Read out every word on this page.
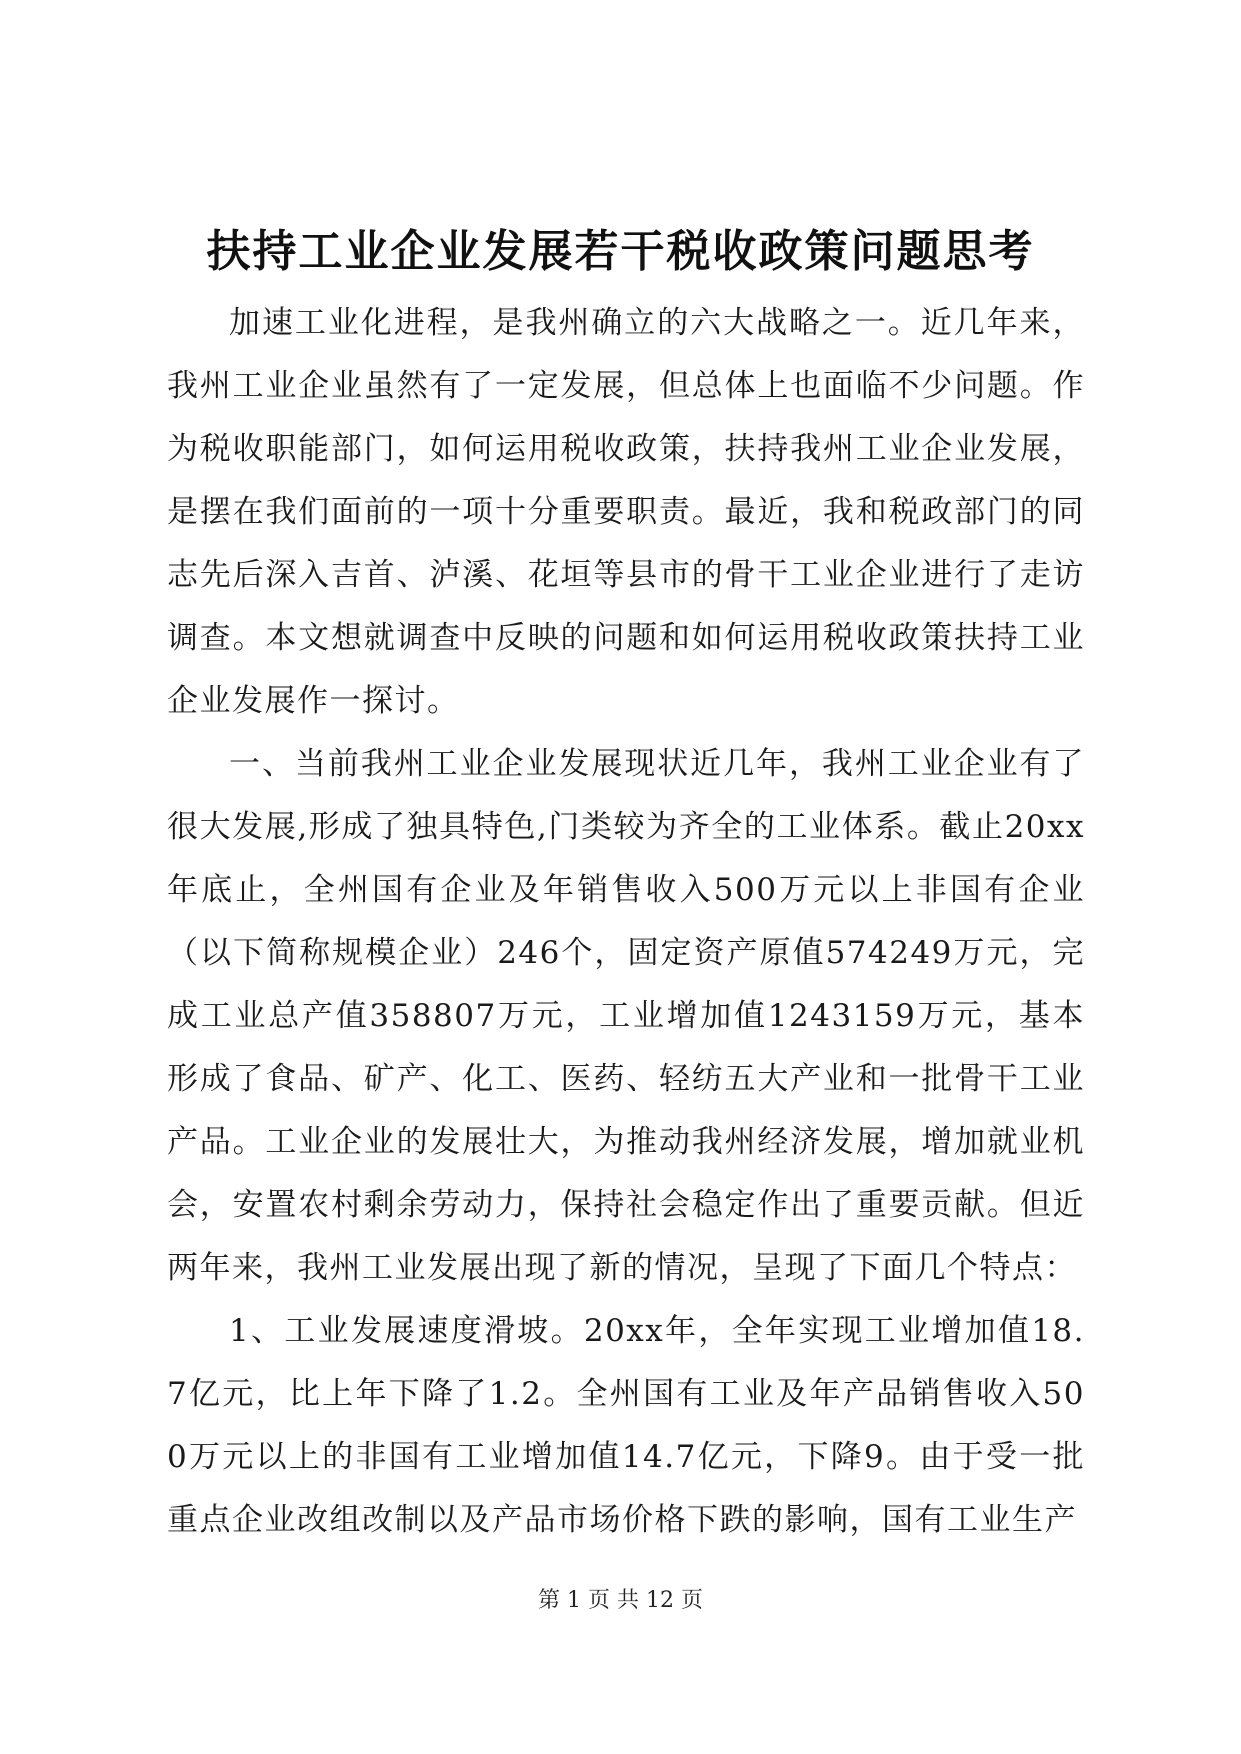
扶持工业企业发展若干税收政策问题思考

加速工业化进程，是我州确立的六大战略之一。近几年来，我州工业企业虽然有了一定发展，但总体上也面临不少问题。作为税收职能部门，如何运用税收政策，扶持我州工业企业发展，是摆在我们面前的一项十分重要职责。最近，我和税政部门的同志先后深入吉首、泸溪、花垣等县市的骨干工业企业进行了走访调查。本文想就调查中反映的问题和如何运用税收政策扶持工业企业发展作一探讨。

一、当前我州工业企业发展现状近几年，我州工业企业有了很大发展,形成了独具特色,门类较为齐全的工业体系。截止20xx年底止，全州国有企业及年销售收入500万元以上非国有企业（以下简称规模企业）246个，固定资产原值574249万元，完成工业总产值358807万元，工业增加值1243159万元，基本形成了食品、矿产、化工、医药、轻纺五大产业和一批骨干工业产品。工业企业的发展壮大，为推动我州经济发展，增加就业机会，安置农村剩余劳动力，保持社会稳定作出了重要贡献。但近两年来，我州工业发展出现了新的情况，呈现了下面几个特点：

1、工业发展速度滑坡。20xx年，全年实现工业增加值18.7亿元，比上年下降了1.2。全州国有工业及年产品销售收入500万元以上的非国有工业增加值14.7亿元，下降9。由于受一批重点企业改组改制以及产品市场价格下跌的影响，国有工业生产

第 1 页 共 12 页
